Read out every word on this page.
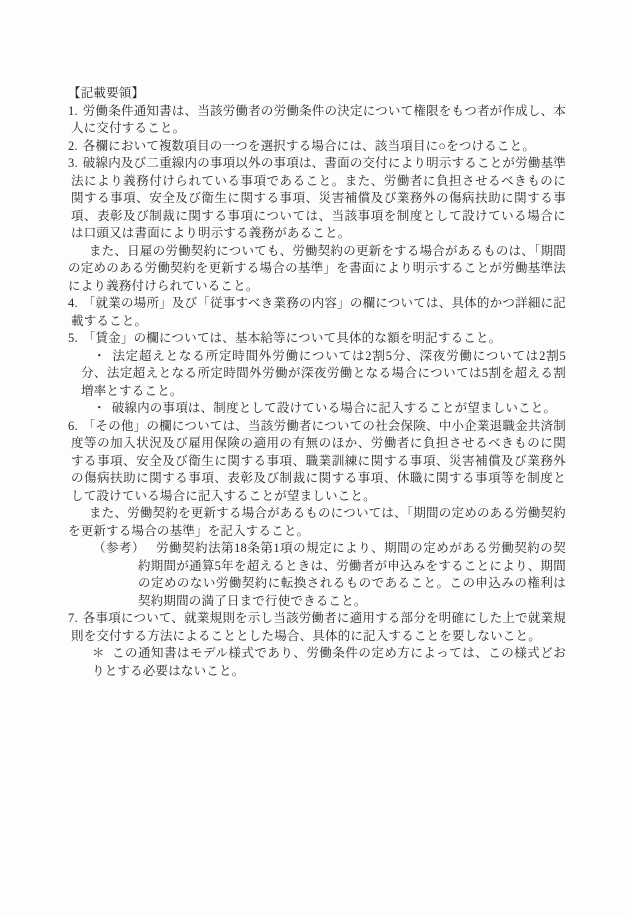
【記載要領】
1. 労働条件通知書は、当該労働者の労働条件の決定について権限をもつ者が作成し、本人に交付すること。
2. 各欄において複数項目の一つを選択する場合には、該当項目に○をつけること。
3. 破線内及び二重線内の事項以外の事項は、書面の交付により明示することが労働基準法により義務付けられている事項であること。また、労働者に負担させるべきものに関する事項、安全及び衛生に関する事項、災害補償及び業務外の傷病扶助に関する事項、表彰及び制裁に関する事項については、当該事項を制度として設けている場合には口頭又は書面により明示する義務があること。
また、日雇の労働契約についても、労働契約の更新をする場合があるものは、「期間の定めのある労働契約を更新する場合の基準」を書面により明示することが労働基準法により義務付けられていること。
4. 「就業の場所」及び「従事すべき業務の内容」の欄については、具体的かつ詳細に記載すること。
5. 「賃金」の欄については、基本給等について具体的な額を明記すること。
・ 法定超えとなる所定時間外労働については2割5分、深夜労働については2割5分、法定超えとなる所定時間外労働が深夜労働となる場合については5割を超える割増率とすること。
・ 破線内の事項は、制度として設けている場合に記入することが望ましいこと。
6. 「その他」の欄については、当該労働者についての社会保険、中小企業退職金共済制度等の加入状況及び雇用保険の適用の有無のほか、労働者に負担させるべきものに関する事項、安全及び衛生に関する事項、職業訓練に関する事項、災害補償及び業務外の傷病扶助に関する事項、表彰及び制裁に関する事項、休職に関する事項等を制度として設けている場合に記入することが望ましいこと。
また、労働契約を更新する場合があるものについては、「期間の定めのある労働契約を更新する場合の基準」を記入すること。
（参考） 労働契約法第18条第1項の規定により、期間の定めがある労働契約の契約期間が通算5年を超えるときは、労働者が申込みをすることにより、期間の定めのない労働契約に転換されるものであること。この申込みの権利は契約期間の満了日まで行使できること。
7. 各事項について、就業規則を示し当該労働者に適用する部分を明確にした上で就業規則を交付する方法によることとした場合、具体的に記入することを要しないこと。
＊ この通知書はモデル様式であり、労働条件の定め方によっては、この様式どおりとする必要はないこと。
